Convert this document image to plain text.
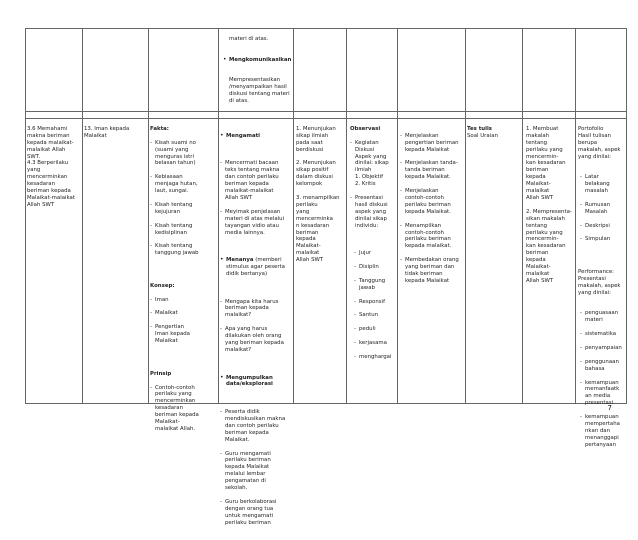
materi di atas.

• Mengkomunikasikan

Mempresentasikan
/menyampaikan hasil
diskusi tentang materi
di atas.

3.6 Memahami
makna beriman
kepada malaikat-
malaikat Allah
SWT.
4.3 Berperilaku
yang
mencerminkan
kesadaran
beriman kepada
Malaikat-malaikat
Allah SWT

13. Iman kepada
Malaikat

Fakta:

- Kisah suami no
(suami yang
menguras istri
belasan tahun)

- Kebiasaan
menjaga hutan,
laut, sungai.

- Kisah tentang
kejujuran

- Kisah tentang
kedisiplinan

- Kisah tentang
tanggung jawab

Konsep:

- Iman

- Malaikat

- Pengertian
Iman kepada
Malaikat

Prinsip

- Contoh-contoh
perilaku yang
mencerminkan
kesadaran
beriman kepada
Malaikat-
malaikat Allah.

• Mengamati

- Mencermati bacaan
teks tentang makna
dan contoh perilaku
beriman kepada
malaikat-malaikat
Allah SWT

- Meyimak penjelasan
materi di atas melalui
tayangan vidio atau
media lainnya.

• Menanya (memberi
stimulus agar peserta
didik bertanya)

- Mengapa kita harus
beriman kepada
malaikat?

- Apa yang harus
dilakukan oleh orang
yang beriman kepada
malaikat?

• Mengumpulkan
data/eksplorasi

- Peserta didik
mendiskusikan makna
dan contoh perilaku
beriman kepada
Malaikat.

- Guru mengamati
perilaku beriman
kepada Malaikat
melalui lembar
pengamatan di
sekolah.

- Guru berkolaborasi
dengan orang tua
untuk mengamati
perilaku beriman

1. Menunjukan
sikap ilmiah
pada saat
berdiskusi

2. Menunjukan
sikap positif
dalam diskusi
kelompok

3. menampilkan
perilaku
yang
mencerminka
n kesadaran
beriman
kepada
Malaikat-
malaikat
Allah SWT

Observasi

- Kegiatan
Diskusi
Aspek yang
dinilai: sikap
ilmiah
1. Objektif
2. Kritis

- Presentasi
hasil diskusi
aspek yang
dinilai sikap
individu:

- Jujur

- Disiplin

- Tanggung
jawab

- Responsif

- Santun

- peduli

- kerjasama

- menghargai

- Menjelaskan
pengertian beriman
kepada Malaikat

- Menjelaskan tanda-
tanda beriman
kepada Malaikat.

- Menjelaskan
contoh-contoh
perilaku beriman
kepada Malaikat.

- Menampilkan
contoh-contoh
perilaku beriman
kepada malaikat.

- Membedakan orang
yang beriman dan
tidak beriman
kepada Malaikat

Tes tulis

Soal Uraian

1. Membuat
makalah
tentang
perilaku yang
mencermin-
kan kesadaran
beriman
kepada
Malaikat-
malaikat
Allah SWT

2. Mempresenta-
sikan makalah
tentang
perilaku yang
mencermin-
kan kesadaran
beriman
kepada
Malaikat-
malaikat
Allah SWT

Portofolio
Hasil tulisan
berupa
makalah, aspek
yang dinilai:

- Latar
belakang
masalah

- Rumusan
Masalah

- Deskripsi

- Simpulan

Performance:
Presentasi
makalah, aspek
yang dinilai:

- penguasaan
materi

- sistematika

- penyampaian

- penggunaan
bahasa

- kemampuan
memanfaatk
an media
presentasi

- kemampuan
mempertaha
nkan dan
menanggapi
pertanyaan

7
